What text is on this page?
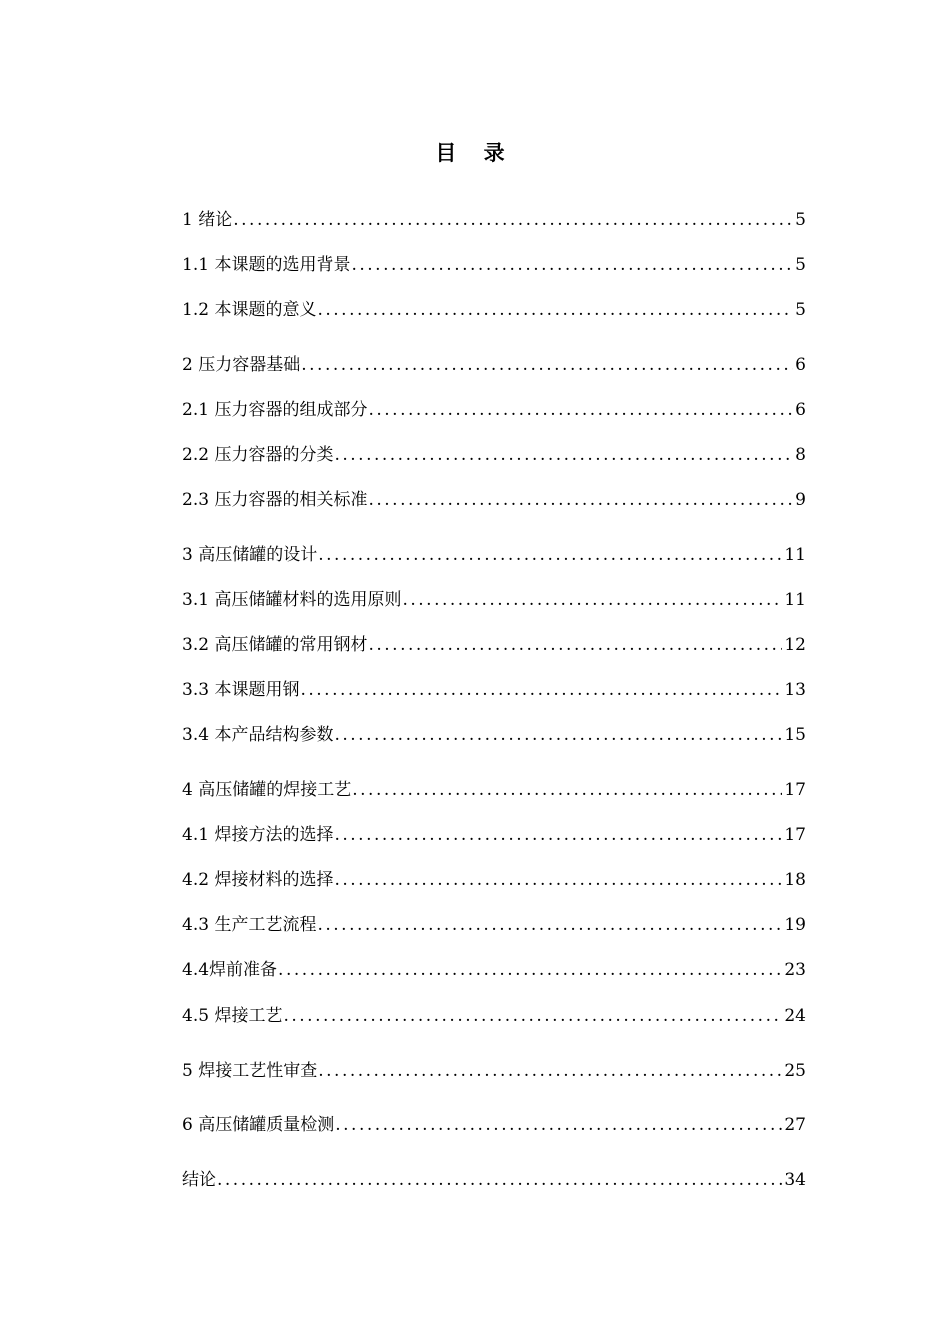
目 录
1 绪论 .....	5
1.1 本课题的选用背景 .....	5
1.2 本课题的意义 .....	5
2 压力容器基础 .....	6
2.1 压力容器的组成部分 .....	6
2.2 压力容器的分类 .....	8
2.3 压力容器的相关标准 .....	9
3 高压储罐的设计 .....	11
3.1 高压储罐材料的选用原则 .....	11
3.2 高压储罐的常用钢材 .....	12
3.3 本课题用钢 .....	13
3.4 本产品结构参数 .....	15
4 高压储罐的焊接工艺 .....	17
4.1 焊接方法的选择 .....	17
4.2 焊接材料的选择 .....	18
4.3 生产工艺流程 .....	19
4.4焊前准备 .....	23
4.5 焊接工艺 .....	24
5 焊接工艺性审查 .....	25
6 高压储罐质量检测 .....	27
结论 .....	34
